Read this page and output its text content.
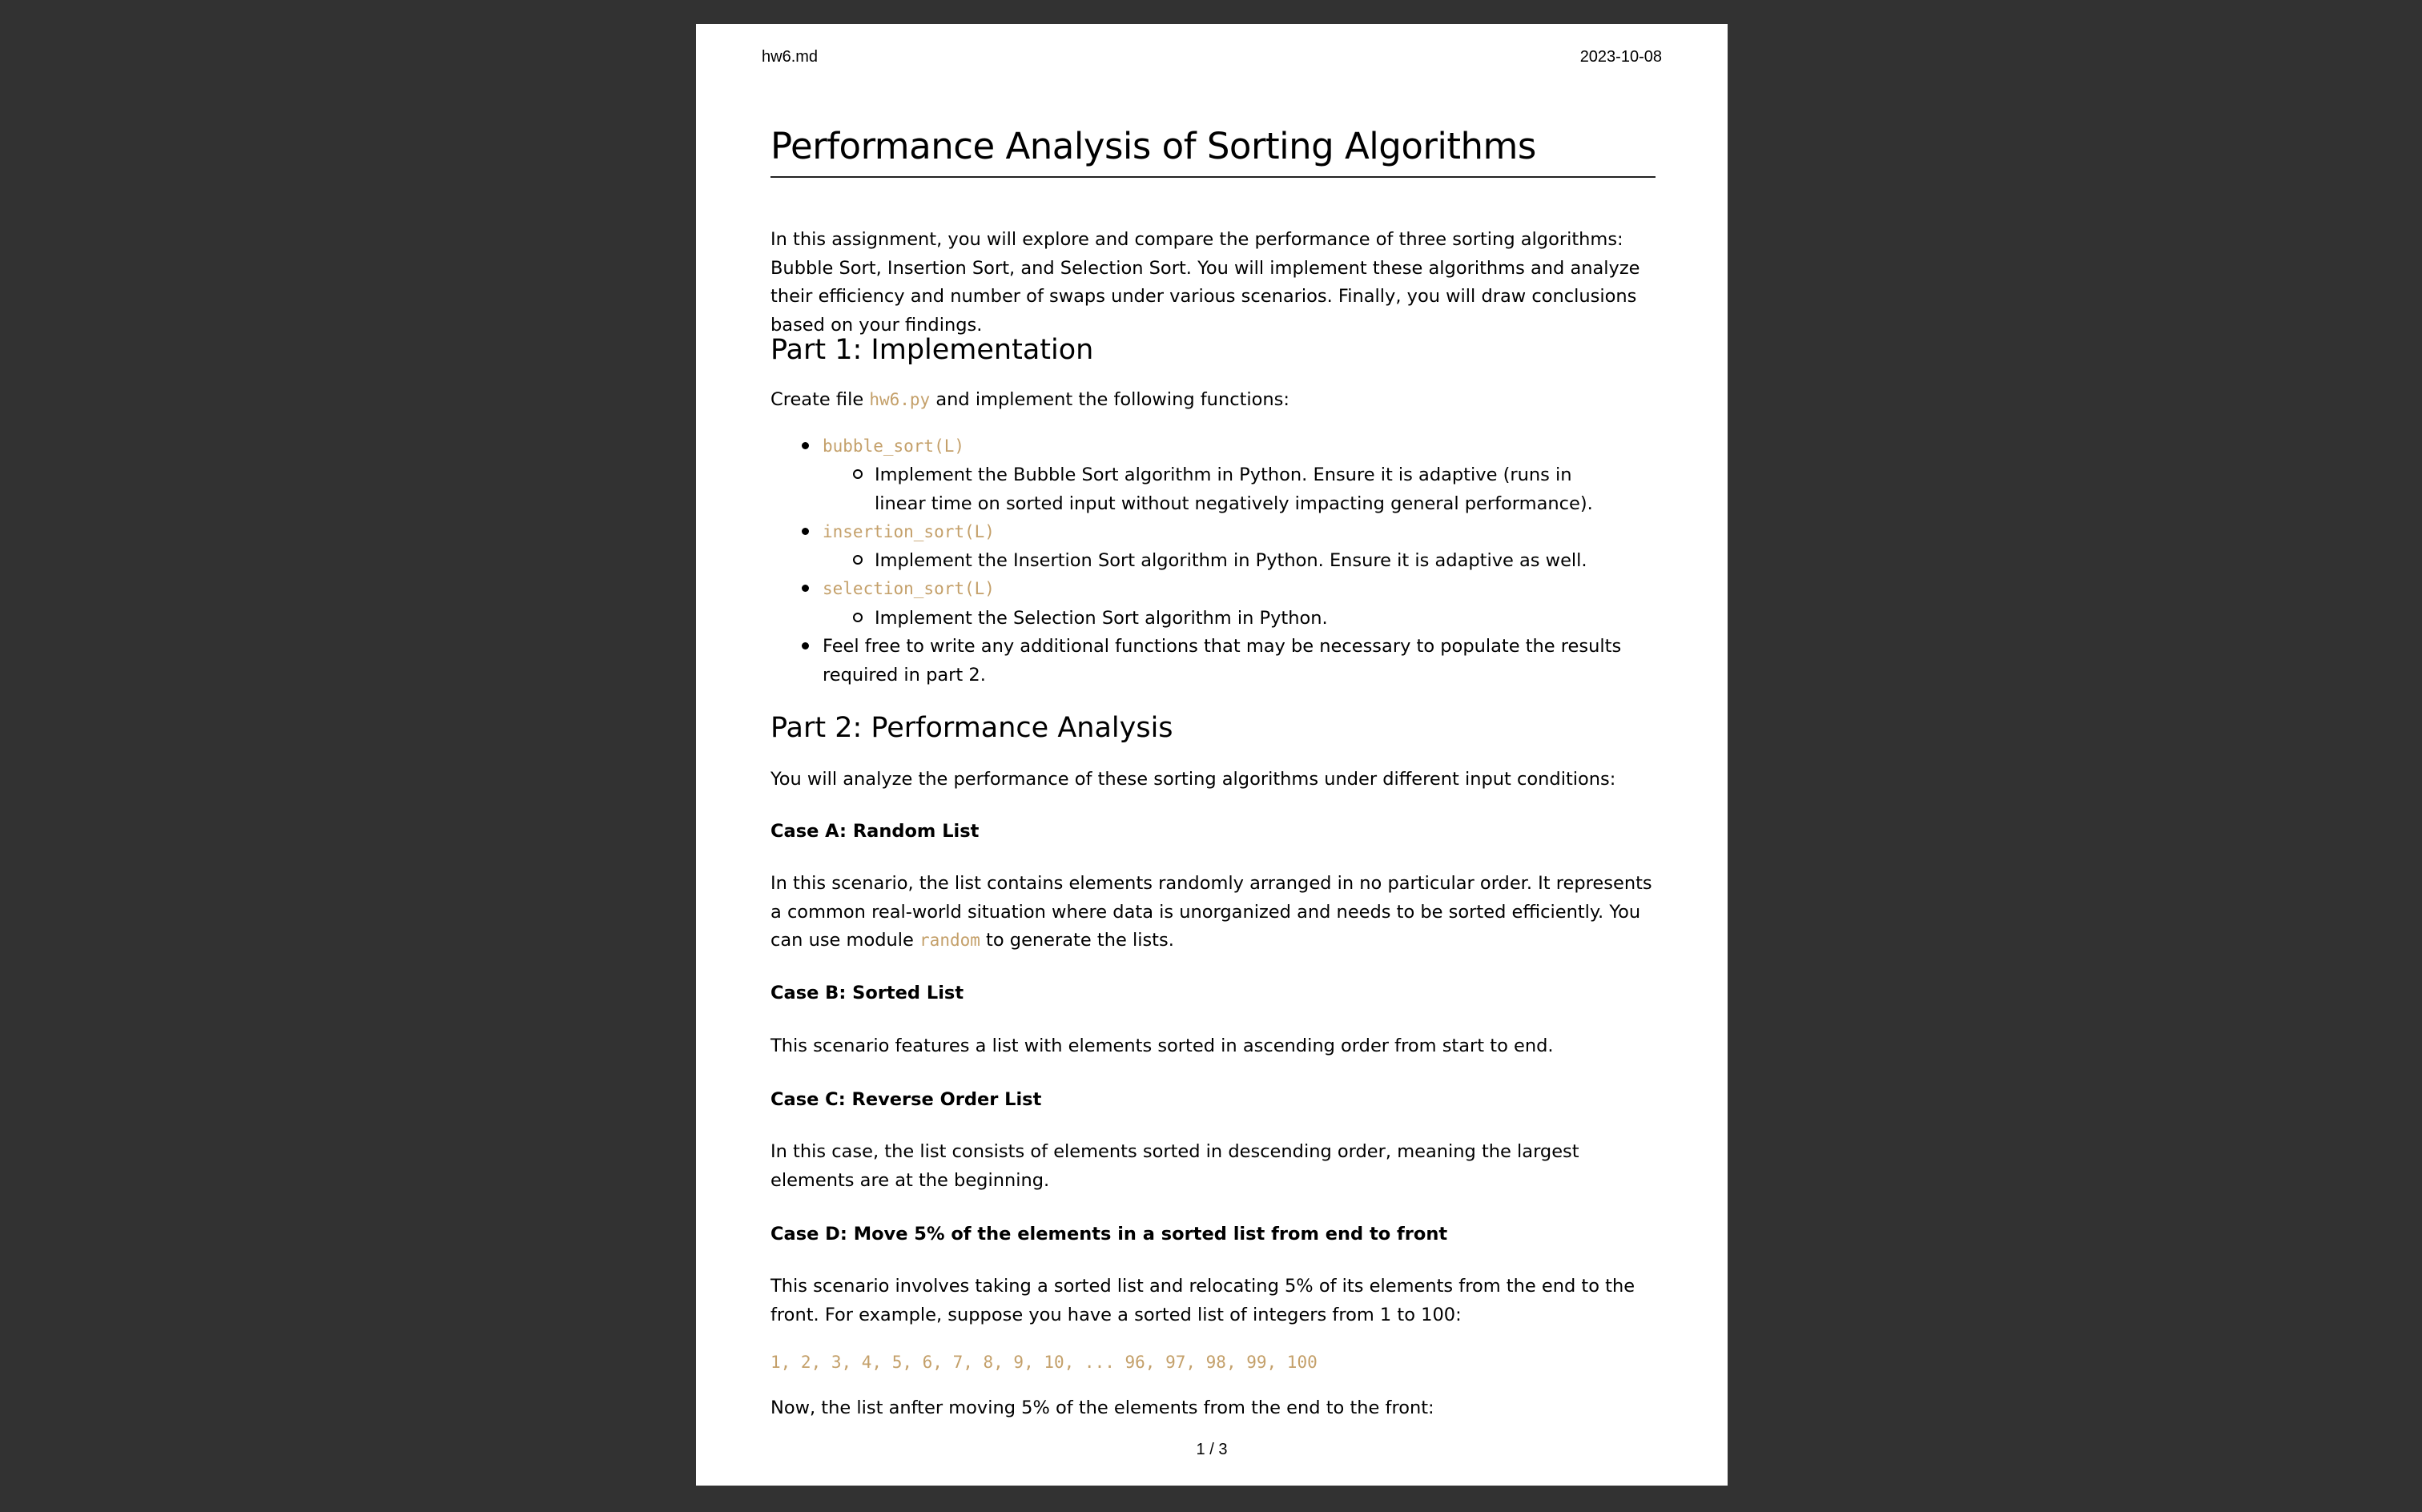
hw6.md	2023-10-08
Performance Analysis of Sorting Algorithms

In this assignment, you will explore and compare the performance of three sorting algorithms: Bubble Sort, Insertion Sort, and Selection Sort. You will implement these algorithms and analyze their efficiency and number of swaps under various scenarios. Finally, you will draw conclusions based on your findings.

Part 1: Implementation

Create file hw6.py and implement the following functions:

bubble_sort(L)
Implement the Bubble Sort algorithm in Python. Ensure it is adaptive (runs in linear time on sorted input without negatively impacting general performance).
insertion_sort(L)
Implement the Insertion Sort algorithm in Python. Ensure it is adaptive as well.
selection_sort(L)
Implement the Selection Sort algorithm in Python.
Feel free to write any additional functions that may be necessary to populate the results required in part 2.
Part 2: Performance Analysis

You will analyze the performance of these sorting algorithms under different input conditions:

Case A: Random List

In this scenario, the list contains elements randomly arranged in no particular order. It represents a common real-world situation where data is unorganized and needs to be sorted efficiently. You can use module random to generate the lists.

Case B: Sorted List

This scenario features a list with elements sorted in ascending order from start to end.

Case C: Reverse Order List

In this case, the list consists of elements sorted in descending order, meaning the largest elements are at the beginning.

Case D: Move 5% of the elements in a sorted list from end to front

This scenario involves taking a sorted list and relocating 5% of its elements from the end to the front. For example, suppose you have a sorted list of integers from 1 to 100:

1, 2, 3, 4, 5, 6, 7, 8, 9, 10, ... 96, 97, 98, 99, 100

Now, the list anfter moving 5% of the elements from the end to the front:

1 / 3
